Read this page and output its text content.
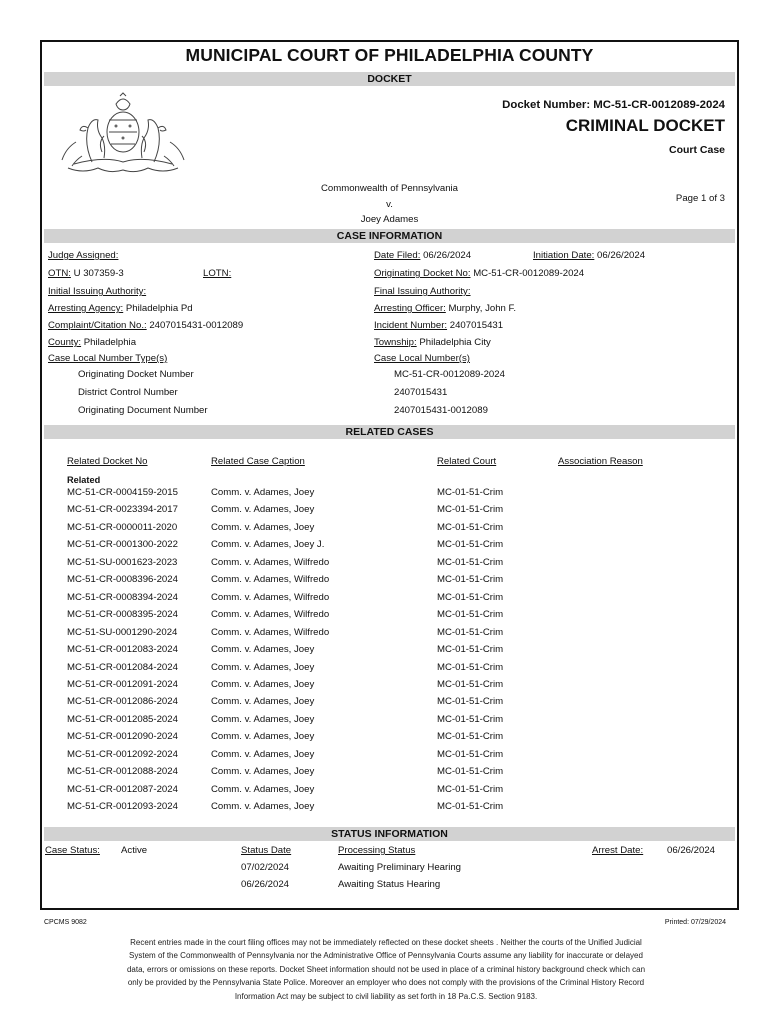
MUNICIPAL COURT OF PHILADELPHIA COUNTY
DOCKET
Docket Number: MC-51-CR-0012089-2024
CRIMINAL DOCKET
Court Case
Commonwealth of Pennsylvania
v.
Joey Adames
Page 1 of 3
CASE INFORMATION
Judge Assigned:	Date Filed: 06/26/2024	Initiation Date: 06/26/2024
OTN: U 307359-3	LOTN:	Originating Docket No: MC-51-CR-0012089-2024
Initial Issuing Authority:	Final Issuing Authority:
Arresting Agency: Philadelphia Pd	Arresting Officer: Murphy, John F.
Complaint/Citation No.: 2407015431-0012089	Incident Number: 2407015431
County: Philadelphia	Township: Philadelphia City
Case Local Number Type(s)	Case Local Number(s)
Originating Docket Number	MC-51-CR-0012089-2024
District Control Number	2407015431
Originating Document Number	2407015431-0012089
RELATED CASES
Related Docket No	Related Case Caption	Related Court	Association Reason
Related
MC-51-CR-0004159-2015	Comm. v. Adames, Joey	MC-01-51-Crim
MC-51-CR-0023394-2017	Comm. v. Adames, Joey	MC-01-51-Crim
MC-51-CR-0000011-2020	Comm. v. Adames, Joey	MC-01-51-Crim
MC-51-CR-0001300-2022	Comm. v. Adames, Joey J.	MC-01-51-Crim
MC-51-SU-0001623-2023	Comm. v. Adames, Wilfredo	MC-01-51-Crim
MC-51-CR-0008396-2024	Comm. v. Adames, Wilfredo	MC-01-51-Crim
MC-51-CR-0008394-2024	Comm. v. Adames, Wilfredo	MC-01-51-Crim
MC-51-CR-0008395-2024	Comm. v. Adames, Wilfredo	MC-01-51-Crim
MC-51-SU-0001290-2024	Comm. v. Adames, Wilfredo	MC-01-51-Crim
MC-51-CR-0012083-2024	Comm. v. Adames, Joey	MC-01-51-Crim
MC-51-CR-0012084-2024	Comm. v. Adames, Joey	MC-01-51-Crim
MC-51-CR-0012091-2024	Comm. v. Adames, Joey	MC-01-51-Crim
MC-51-CR-0012086-2024	Comm. v. Adames, Joey	MC-01-51-Crim
MC-51-CR-0012085-2024	Comm. v. Adames, Joey	MC-01-51-Crim
MC-51-CR-0012090-2024	Comm. v. Adames, Joey	MC-01-51-Crim
MC-51-CR-0012092-2024	Comm. v. Adames, Joey	MC-01-51-Crim
MC-51-CR-0012088-2024	Comm. v. Adames, Joey	MC-01-51-Crim
MC-51-CR-0012087-2024	Comm. v. Adames, Joey	MC-01-51-Crim
MC-51-CR-0012093-2024	Comm. v. Adames, Joey	MC-01-51-Crim
STATUS INFORMATION
Case Status: Active	Status Date	Processing Status	Arrest Date: 06/26/2024
07/02/2024	Awaiting Preliminary Hearing
06/26/2024	Awaiting Status Hearing
CPCMS 9082	Printed: 07/29/2024
Recent entries made in the court filing offices may not be immediately reflected on these docket sheets . Neither the courts of the Unified Judicial
System of the Commonwealth of Pennsylvania nor the Administrative Office of Pennsylvania Courts assume any liability for inaccurate or delayed
data, errors or omissions on these reports. Docket Sheet information should not be used in place of a criminal history background check which can
only be provided by the Pennsylvania State Police. Moreover an employer who does not comply with the provisions of the Criminal History Record
Information Act may be subject to civil liability as set forth in 18 Pa.C.S. Section 9183.
